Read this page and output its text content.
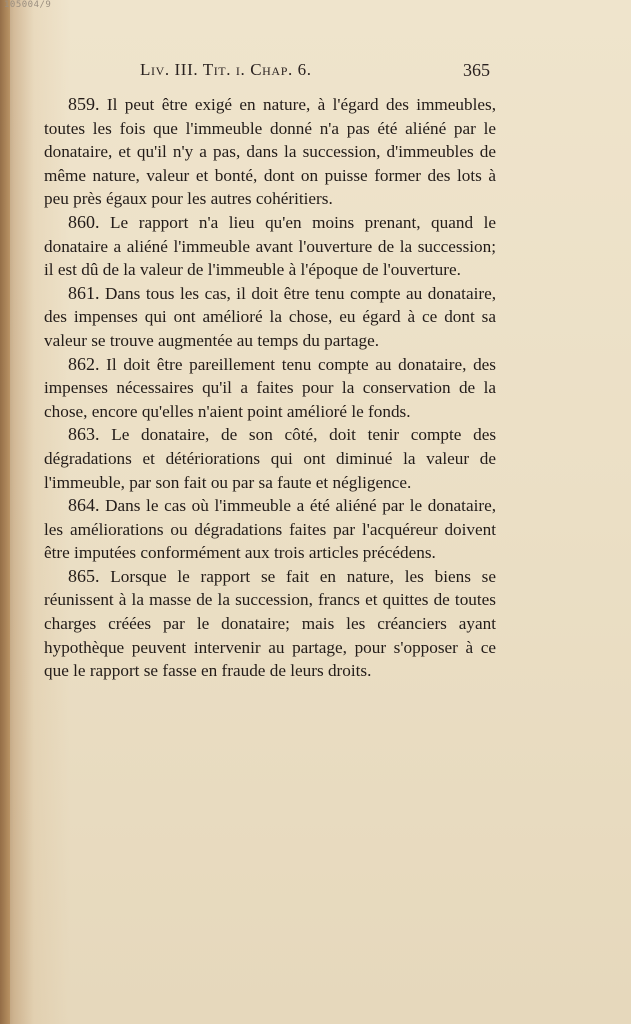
105004/9
Liv. III. Tit. i. Chap. 6.	365

859. Il peut être exigé en nature, à l'égard des immeubles, toutes les fois que l'immeuble donné n'a pas été aliéné par le donataire, et qu'il n'y a pas, dans la succession, d'immeubles de même nature, valeur et bonté, dont on puisse former des lots à peu près égaux pour les autres cohéritiers.

860. Le rapport n'a lieu qu'en moins prenant, quand le donataire a aliéné l'immeuble avant l'ouverture de la succession; il est dû de la valeur de l'immeuble à l'époque de l'ouverture.

861. Dans tous les cas, il doit être tenu compte au donataire, des impenses qui ont amélioré la chose, eu égard à ce dont sa valeur se trouve augmentée au temps du partage.

862. Il doit être pareillement tenu compte au donataire, des impenses nécessaires qu'il a faites pour la conservation de la chose, encore qu'elles n'aient point amélioré le fonds.

863. Le donataire, de son côté, doit tenir compte des dégradations et détériorations qui ont diminué la valeur de l'immeuble, par son fait ou par sa faute et négligence.

864. Dans le cas où l'immeuble a été aliéné par le donataire, les améliorations ou dégradations faites par l'acquéreur doivent être imputées conformément aux trois articles précédens.

865. Lorsque le rapport se fait en nature, les biens se réunissent à la masse de la succession, francs et quittes de toutes charges créées par le donataire; mais les créanciers ayant hypothèque peuvent intervenir au partage, pour s'opposer à ce que le rapport se fasse en fraude de leurs droits.
